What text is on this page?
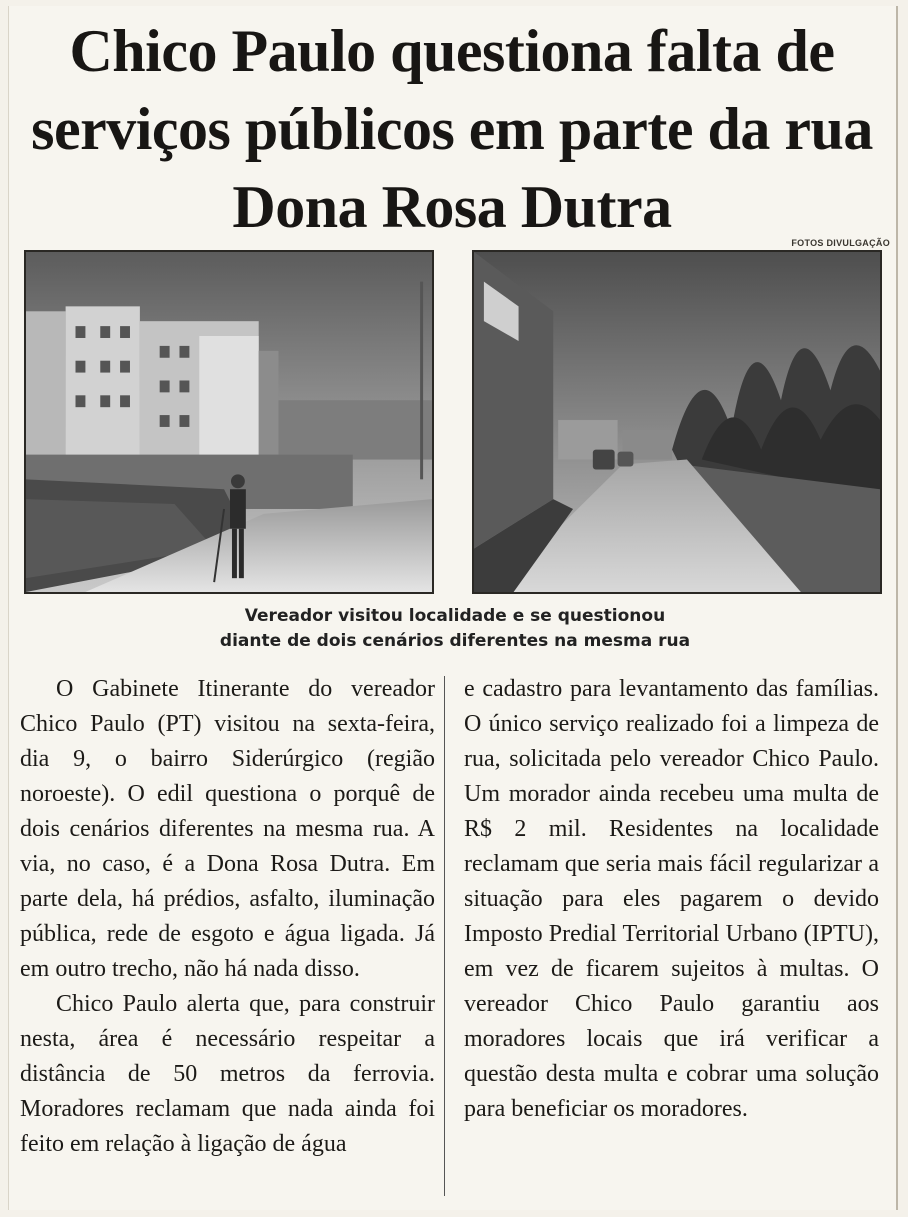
Chico Paulo questiona falta de serviços públicos em parte da rua Dona Rosa Dutra
FOTOS DIVULGAÇÃO
Vereador visitou localidade e se questionou
diante de dois cenários diferentes na mesma rua

O Gabinete Itinerante do vereador Chico Paulo (PT) visitou na sexta-feira, dia 9, o bairro Siderúrgico (região noroeste). O edil questiona o porquê de dois cenários diferentes na mesma rua. A via, no caso, é a Dona Rosa Dutra. Em parte dela, há prédios, asfalto, iluminação pública, rede de esgoto e água ligada. Já em outro trecho, não há nada disso.

Chico Paulo alerta que, para construir nesta, área é necessário respeitar a distância de 50 metros da ferrovia. Moradores reclamam que nada ainda foi feito em relação à ligação de água

e cadastro para levantamento das famílias. O único serviço realizado foi a limpeza de rua, solicitada pelo vereador Chico Paulo. Um morador ainda recebeu uma multa de R$ 2 mil. Residentes na localidade reclamam que seria mais fácil regularizar a situação para eles pagarem o devido Imposto Predial Territorial Urbano (IPTU), em vez de ficarem sujeitos à multas. O vereador Chico Paulo garantiu aos moradores locais que irá verificar a questão desta multa e cobrar uma solução para beneficiar os moradores.
